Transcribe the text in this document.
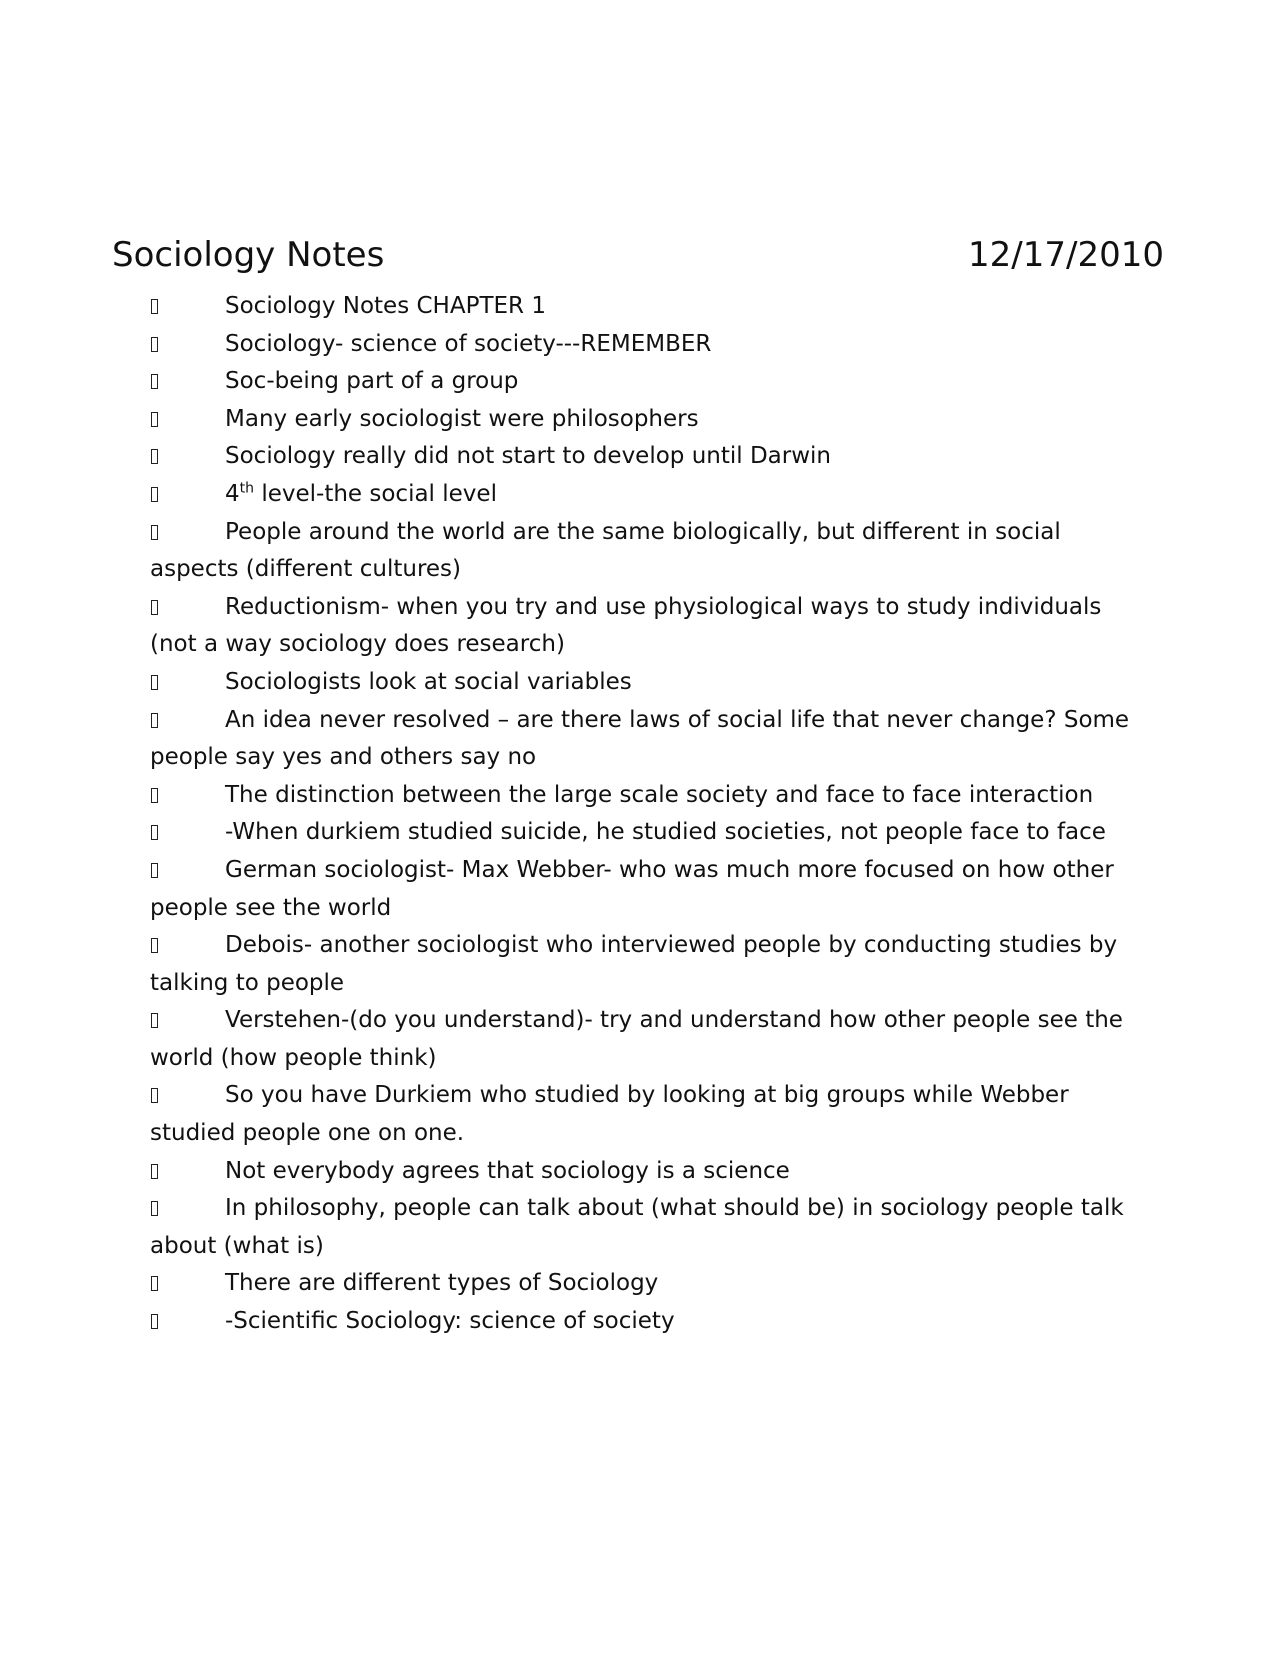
Sociology Notes	12/17/2010
Sociology Notes CHAPTER 1
Sociology- science of society---REMEMBER
Soc-being part of a group
Many early sociologist were philosophers
Sociology really did not start to develop until Darwin
4th level-the social level
People around the world are the same biologically, but different in social aspects (different cultures)
Reductionism- when you try and use physiological ways to study individuals (not a way sociology does research)
Sociologists look at social variables
An idea never resolved – are there laws of social life that never change? Some people say yes and others say no
The distinction between the large scale society and face to face interaction
-When durkiem studied suicide, he studied societies, not people face to face
German sociologist- Max Webber- who was much more focused on how other people see the world
Debois- another sociologist who interviewed people by conducting studies by talking to people
Verstehen-(do you understand)- try and understand how other people see the world (how people think)
So you have Durkiem who studied by looking at big groups while Webber studied people one on one.
Not everybody agrees that sociology is a science
In philosophy, people can talk about (what should be) in sociology people talk about (what is)
There are different types of Sociology
-Scientific Sociology: science of society
